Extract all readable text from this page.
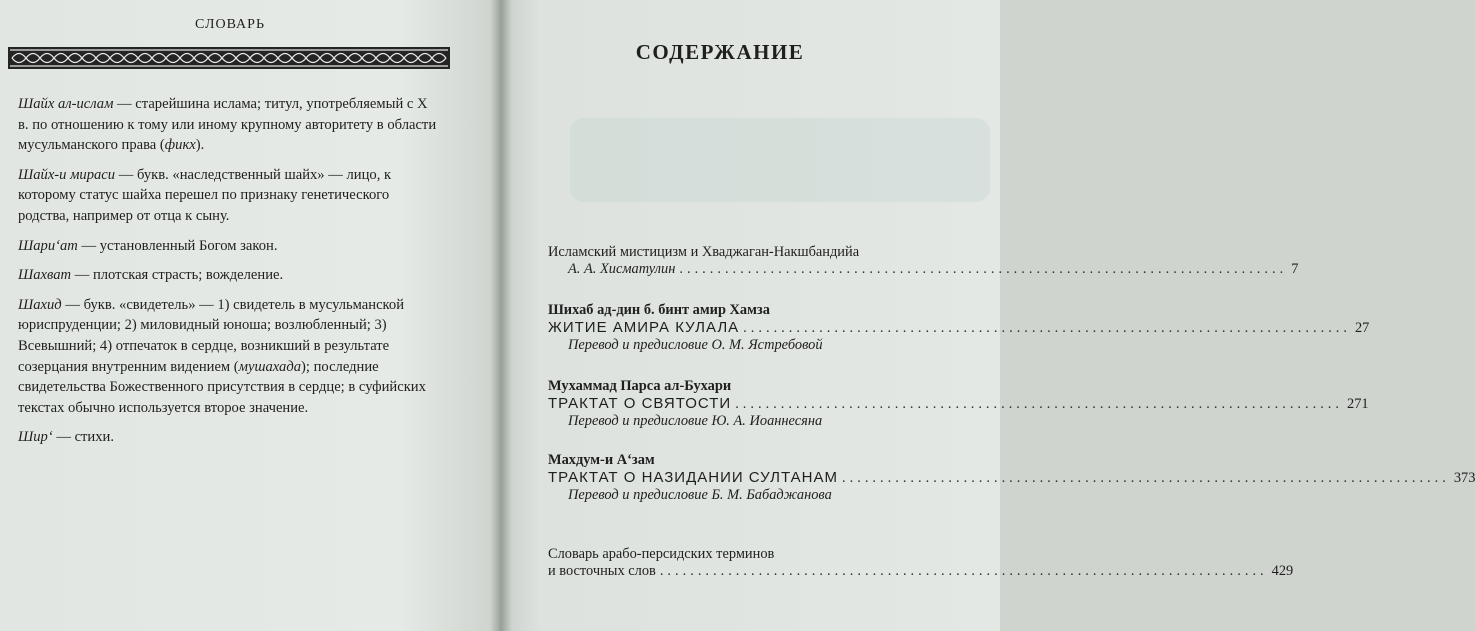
СЛОВАРЬ

Шайх ал-ислам — старейшина ислама; титул, употребляемый с X в. по отношению к тому или иному крупному авторитету в области мусульманского права (фикх).

Шайх-и мираси — букв. «наследственный шайх» — лицо, к которому статус шайха перешел по признаку генетического родства, например от отца к сыну.

Шари‘ат — установленный Богом закон.

Шахват — плотская страсть; вожделение.

Шахид — букв. «свидетель» — 1) свидетель в мусульманской юриспруденции; 2) миловидный юноша; возлюбленный; 3) Всевышний; 4) отпечаток в сердце, возникший в результате созерцания внутренним видением (мушахада); последние свидетельства Божественного присутствия в сердце; в суфийских текстах обычно используется второе значение.

Шир‘ — стихи.

СОДЕРЖАНИЕ
Исламский мистицизм и Хваджаган-Накшбандийа
А. А. Хисматулин ................................................................................ 7
Шихаб ад-дин б. бинт амир Хамза
ЖИТИЕ АМИРА КУЛАЛА ................................................................................ 27
Перевод и предисловие О. М. Ястребовой
Мухаммад Парса ал-Бухари
ТРАКТАТ О СВЯТОСТИ ................................................................................ 271
Перевод и предисловие Ю. А. Иоаннесяна
Махдум-и А‘зам
ТРАКТАТ О НАЗИДАНИИ СУЛТАНАМ ................................................................................ 373
Перевод и предисловие Б. М. Бабаджанова
Словарь арабо-персидских терминов
и восточных слов ................................................................................ 429
